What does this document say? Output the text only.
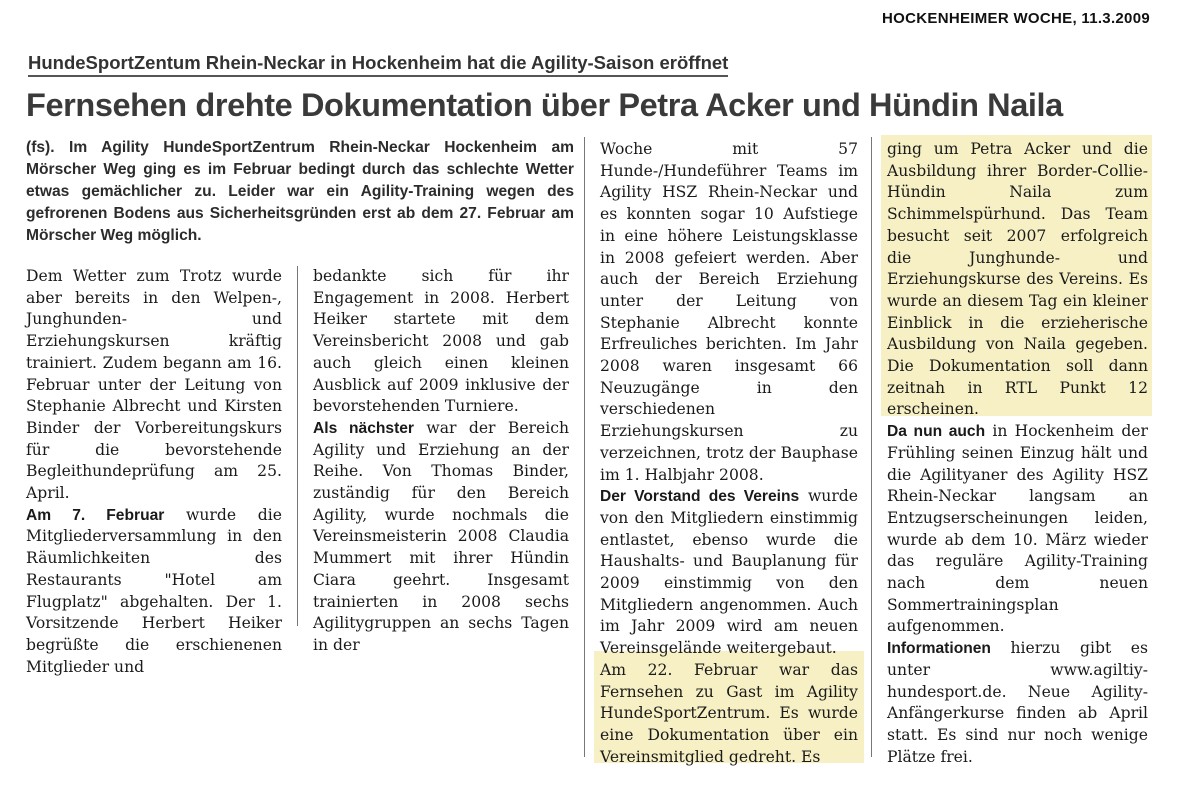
HOCKENHEIMER WOCHE, 11.3.2009
HundeSportZentum Rhein-Neckar in Hockenheim hat die Agility-Saison eröffnet
Fernsehen drehte Dokumentation über Petra Acker und Hündin Naila

(fs). Im Agility HundeSportZentrum Rhein-Neckar Hockenheim am Mörscher Weg ging es im Februar bedingt durch das schlechte Wetter etwas gemächlicher zu. Leider war ein Agility-Training wegen des gefrorenen Bodens aus Sicherheitsgründen erst ab dem 27. Februar am Mörscher Weg möglich.

Dem Wetter zum Trotz wurde aber bereits in den Welpen-, Junghunden- und Erziehungskursen kräftig trainiert. Zudem begann am 16. Februar unter der Leitung von Stephanie Albrecht und Kirsten Binder der Vorbereitungskurs für die bevorstehende Begleithundeprüfung am 25. April.

Am 7. Februar wurde die Mitgliederversammlung in den Räumlichkeiten des Restaurants "Hotel am Flugplatz" abgehalten. Der 1. Vorsitzende Herbert Heiker begrüßte die erschienenen Mitglieder und

bedankte sich für ihr Engagement in 2008. Herbert Heiker startete mit dem Vereinsbericht 2008 und gab auch gleich einen kleinen Ausblick auf 2009 inklusive der bevorstehenden Turniere.

Als nächster war der Bereich Agility und Erziehung an der Reihe. Von Thomas Binder, zuständig für den Bereich Agility, wurde nochmals die Vereinsmeisterin 2008 Claudia Mummert mit ihrer Hündin Ciara geehrt. Insgesamt trainierten in 2008 sechs Agilitygruppen an sechs Tagen in der

Woche mit 57 Hunde-/Hundeführer Teams im Agility HSZ Rhein-Neckar und es konnten sogar 10 Aufstiege in eine höhere Leistungsklasse in 2008 gefeiert werden. Aber auch der Bereich Erziehung unter der Leitung von Stephanie Albrecht konnte Erfreuliches berichten. Im Jahr 2008 waren insgesamt 66 Neuzugänge in den verschiedenen Erziehungskursen zu verzeichnen, trotz der Bauphase im 1. Halbjahr 2008.

Der Vorstand des Vereins wurde von den Mitgliedern einstimmig entlastet, ebenso wurde die Haushalts- und Bauplanung für 2009 einstimmig von den Mitgliedern angenommen. Auch im Jahr 2009 wird am neuen Vereinsgelände weitergebaut.

Am 22. Februar war das Fernsehen zu Gast im Agility HundeSportZentrum. Es wurde eine Dokumentation über ein Vereinsmitglied gedreht. Es

ging um Petra Acker und die Ausbildung ihrer Border-Collie-Hündin Naila zum Schimmelspürhund. Das Team besucht seit 2007 erfolgreich die Junghunde- und Erziehungskurse des Vereins. Es wurde an diesem Tag ein kleiner Einblick in die erzieherische Ausbildung von Naila gegeben. Die Dokumentation soll dann zeitnah in RTL Punkt 12 erscheinen.

Da nun auch in Hockenheim der Frühling seinen Einzug hält und die Agilityaner des Agility HSZ Rhein-Neckar langsam an Entzugserscheinungen leiden, wurde ab dem 10. März wieder das reguläre Agility-Training nach dem neuen Sommertrainingsplan aufgenommen.

Informationen hierzu gibt es unter www.agiltiy-hundesport.de. Neue Agility-Anfängerkurse finden ab April statt. Es sind nur noch wenige Plätze frei.
